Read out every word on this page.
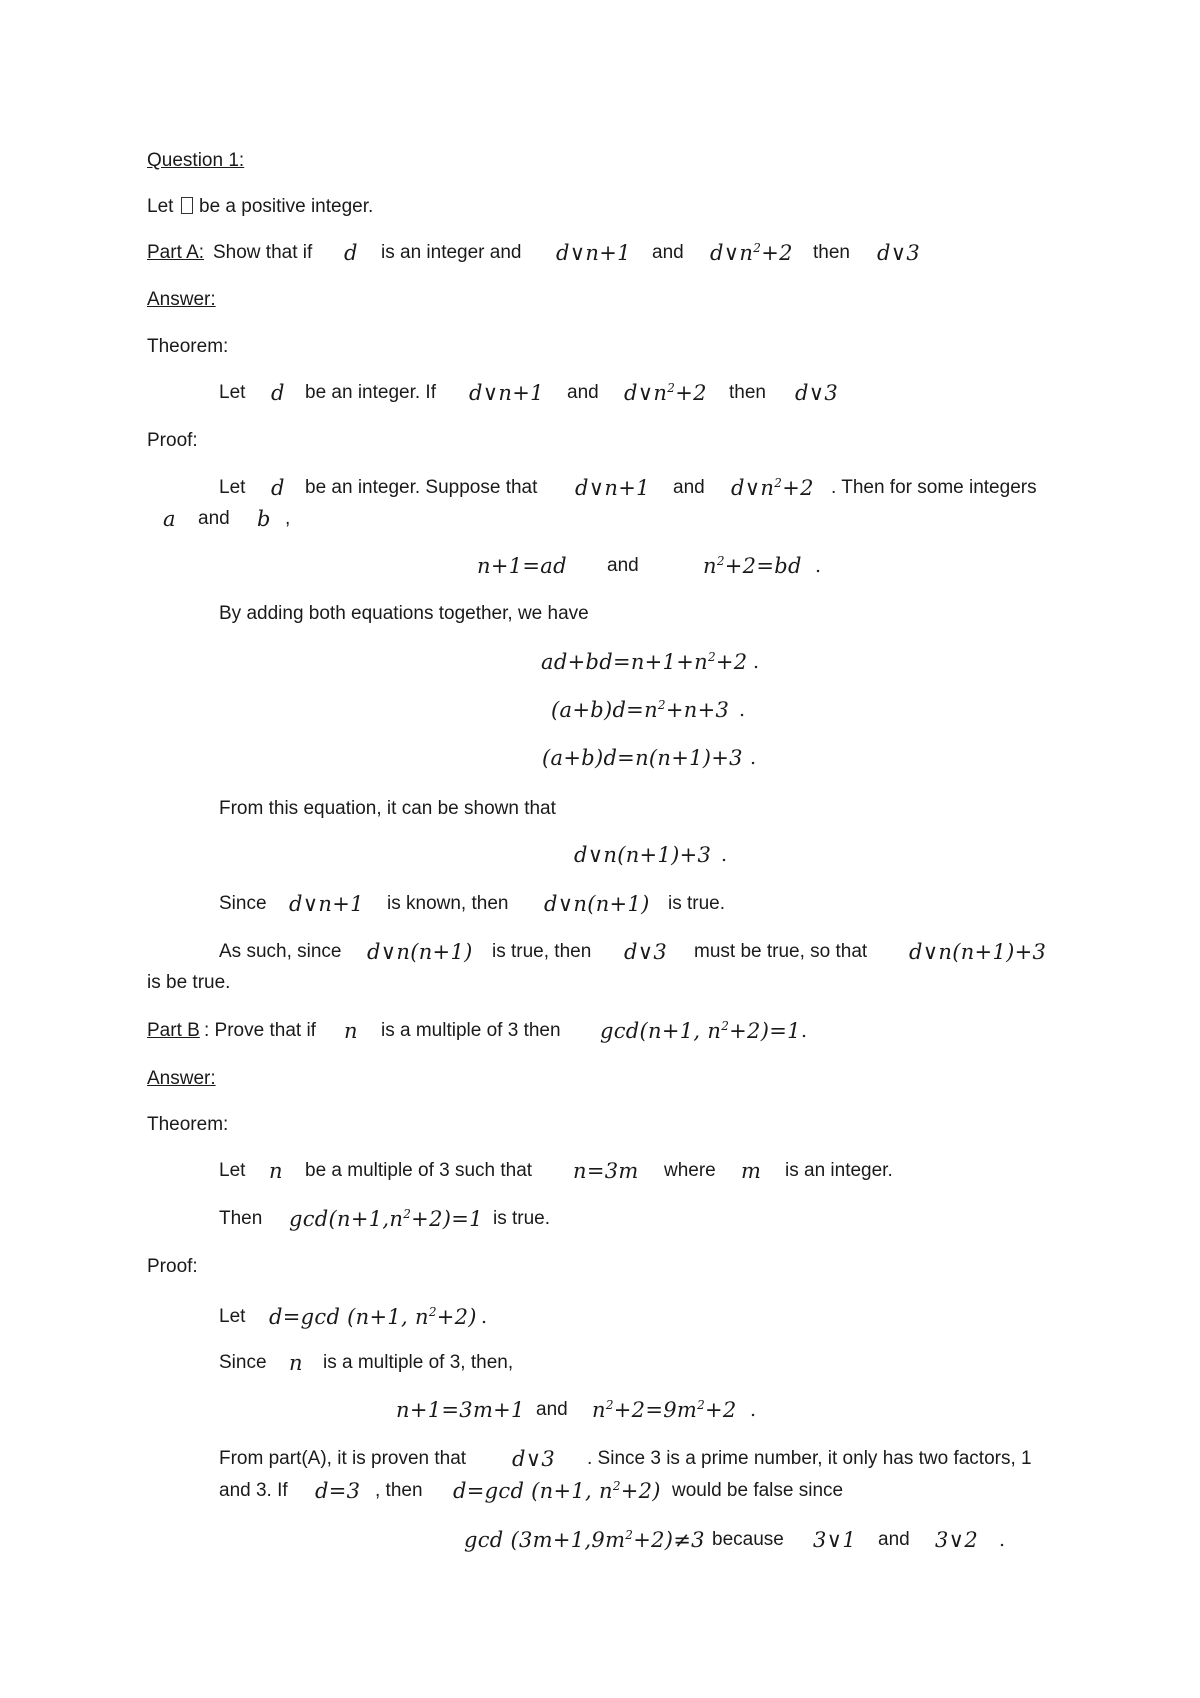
Question 1:
Let be a positive integer.
Part A: Show that if d is an integer and d∨n+1 and $d\vee n^2+2$ then d∨3
Answer:
Theorem:
Let d be an integer. If d∨n+1 and $d\vee n^2+2$ then d∨3
Proof:
Let d be an integer. Suppose that d∨n+1 and $d\vee n^2+2$ . Then for some integers
a and b ,
n+1=ad and	$n^2+2=bd$ .
By adding both equations together, we have
$ad+bd=n+1+n^2+2$ .
$(a+b)d=n^2+n+3$ .
(a+b)d=n(n+1)+3 .
From this equation, it can be shown that
d∨n(n+1)+3 .
Since d∨n+1 is known, then d∨n(n+1) is true.
As such, since d∨n(n+1) is true, then d∨3 must be true, so that d∨n(n+1)+3
is be true.
Part B : Prove that if n is a multiple of 3 then gcd(n+1, $n^2+2)=1$ .
Answer:
Theorem:
Let n be a multiple of 3 such that n=3m where m is an integer.
Then $\gcd(n+1,n^2+2)=1$ is true.
Proof:
Let d=gcd (n+1, $n^2+2$) .
Since n is a multiple of 3, then,
n+1=3m+1 and $n^2+2=9m^2+2$ .
From part(A), it is proven that d∨3 . Since 3 is a prime number, it only has two factors, 1
and 3. If d=3 , then d=gcd (n+1, $n^2+2$) would be false since
$\gcd (3m+1,9m^2+2)\ne 3$ because 3∨1 and 3∨2 .
